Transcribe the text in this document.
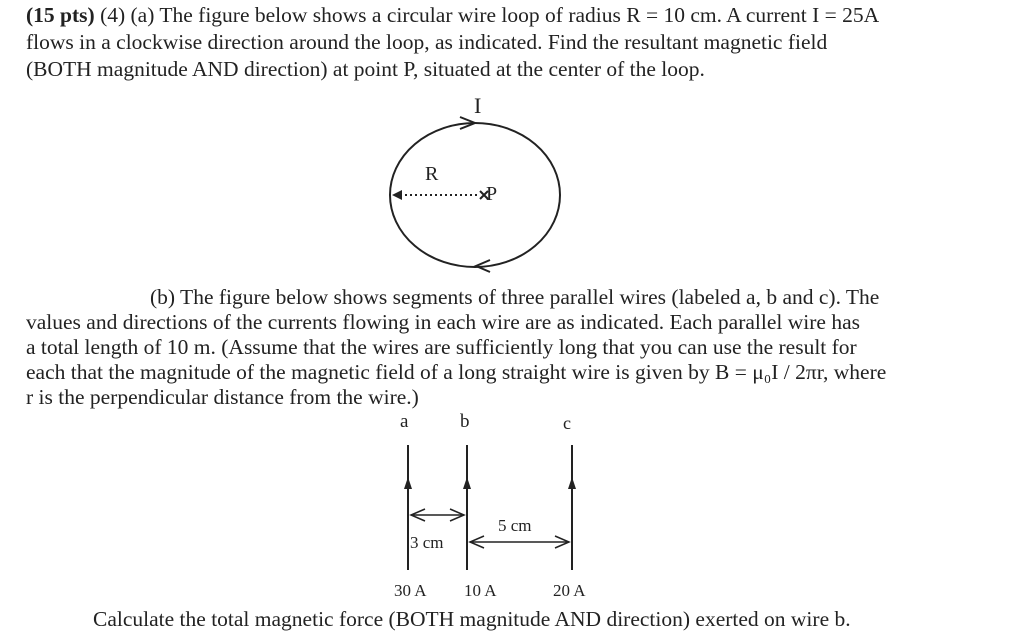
(15 pts) (4) (a) The figure below shows a circular wire loop of radius R = 10 cm. A current I = 25A

flows in a clockwise direction around the loop, as indicated. Find the resultant magnetic field

(BOTH magnitude AND direction) at point P, situated at the center of the loop.

I
R
P

(b) The figure below shows segments of three parallel wires (labeled a, b and c). The

values and directions of the currents flowing in each wire are as indicated. Each parallel wire has

a total length of 10 m. (Assume that the wires are sufficiently long that you can use the result for

each that the magnitude of the magnetic field of a long straight wire is given by B = μ₀I / 2πr, where

r is the perpendicular distance from the wire.)

a	b	c
3 cm
5 cm
30 A 10 A	20 A

Calculate the total magnetic force (BOTH magnitude AND direction) exerted on wire b.
